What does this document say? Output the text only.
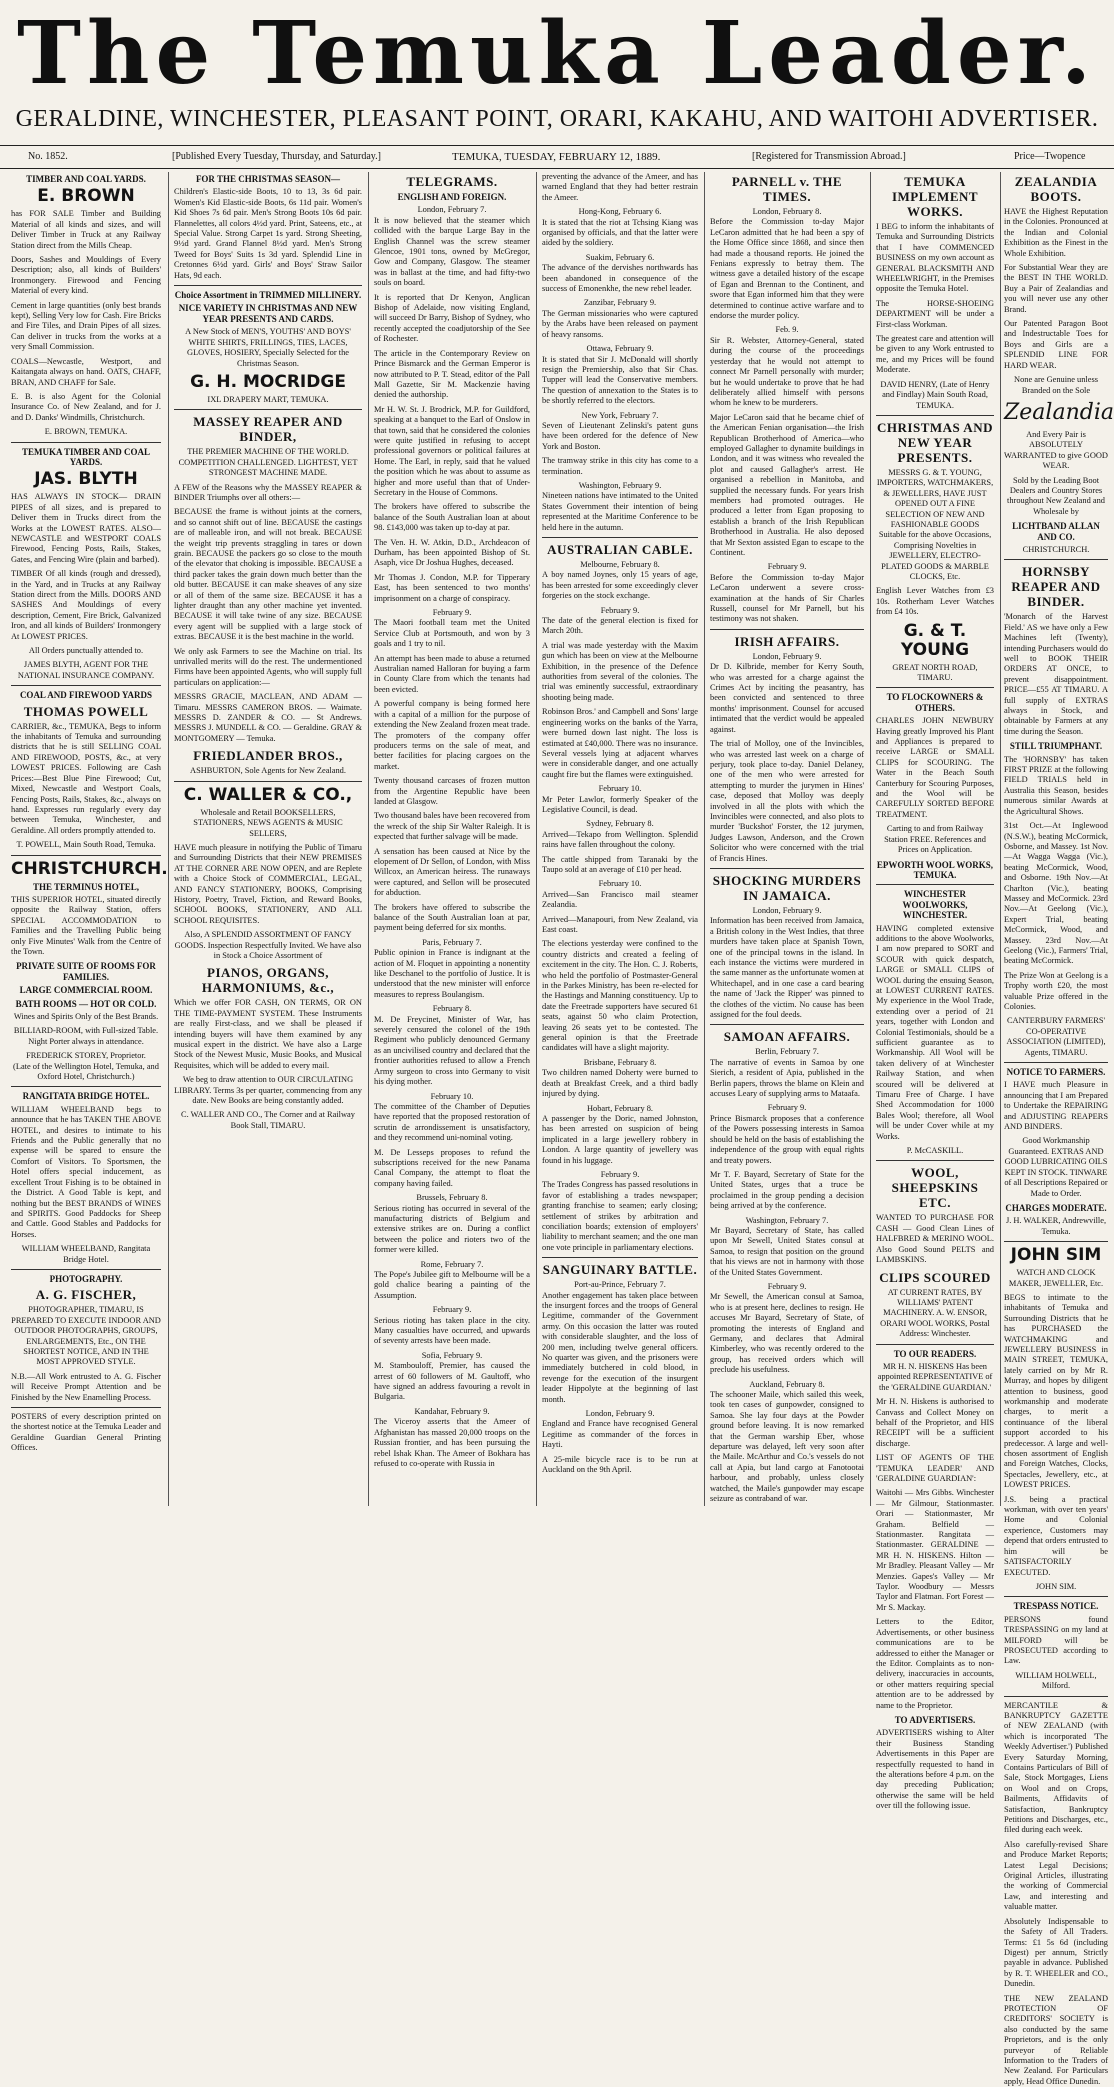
The Temuka Leader.
GERALDINE, WINCHESTER, PLEASANT POINT, ORARI, KAKAHU, AND WAITOHI ADVERTISER.
No. 1852.	[Published Every Tuesday, Thursday, and Saturday.]	TEMUKA, TUESDAY, FEBRUARY 12, 1889.	[Registered for Transmission Abroad.]	Price—Twopence
TIMBER AND COAL YARDS.
E. BROWN

has FOR SALE Timber and Building Material of all kinds and sizes, and will Deliver Timber in Truck at any Railway Station direct from the Mills Cheap.

Doors, Sashes and Mouldings of Every Description; also, all kinds of Builders' Ironmongery. Firewood and Fencing Material of every kind.

Cement in large quantities (only best brands kept), Selling Very low for Cash. Fire Bricks and Fire Tiles, and Drain Pipes of all sizes. Can deliver in trucks from the works at a very Small Commission.

COALS—Newcastle, Westport, and Kaitangata always on hand. OATS, CHAFF, BRAN, AND CHAFF for Sale.

E. B. is also Agent for the Colonial Insurance Co. of New Zealand, and for J. and D. Danks' Windmills, Christchurch.

E. BROWN, TEMUKA.
TEMUKA TIMBER AND COAL YARDS.
JAS. BLYTH

HAS ALWAYS IN STOCK— DRAIN PIPES of all sizes, and is prepared to Deliver them in Trucks direct from the Works at the LOWEST RATES. ALSO— NEWCASTLE and WESTPORT COALS Firewood, Fencing Posts, Rails, Stakes, Gates, and Fencing Wire (plain and barbed).

TIMBER Of all kinds (rough and dressed), in the Yard, and in Trucks at any Railway Station direct from the Mills. DOORS AND SASHES And Mouldings of every description, Cement, Fire Brick, Galvanized Iron, and all kinds of Builders' Ironmongery At LOWEST PRICES.

All Orders punctually attended to.

JAMES BLYTH, AGENT FOR THE NATIONAL INSURANCE COMPANY.
COAL AND FIREWOOD YARDS
THOMAS POWELL

CARRIER, &c., TEMUKA, Begs to inform the inhabitants of Temuka and surrounding districts that he is still SELLING COAL AND FIREWOOD, POSTS, &c., at very LOWEST PRICES. Following are Cash Prices:—Best Blue Pine Firewood; Cut, Mixed, Newcastle and Westport Coals, Fencing Posts, Rails, Stakes, &c., always on hand. Expresses run regularly every day between Temuka, Winchester, and Geraldine. All orders promptly attended to.

T. POWELL, Main South Road, Temuka.
CHRISTCHURCH.
THE TERMINUS HOTEL,

THIS SUPERIOR HOTEL, situated directly opposite the Railway Station, offers SPECIAL ACCOMMODATION to Families and the Travelling Public being only Five Minutes' Walk from the Centre of the Town.

PRIVATE SUITE OF ROOMS FOR FAMILIES.
LARGE COMMERCIAL ROOM.
BATH ROOMS — HOT OR COLD.

Wines and Spirits Only of the Best Brands.

BILLIARD-ROOM, with Full-sized Table. Night Porter always in attendance.

FREDERICK STOREY, Proprietor.

(Late of the Wellington Hotel, Temuka, and Oxford Hotel, Christchurch.)

RANGITATA BRIDGE HOTEL.

WILLIAM WHEELBAND begs to announce that he has TAKEN THE ABOVE HOTEL, and desires to intimate to his Friends and the Public generally that no expense will be spared to ensure the Comfort of Visitors. To Sportsmen, the Hotel offers special inducement, as excellent Trout Fishing is to be obtained in the District. A Good Table is kept, and nothing but the BEST BRANDS of WINES and SPIRITS. Good Paddocks for Sheep and Cattle. Good Stables and Paddocks for Horses.

WILLIAM WHEELBAND, Rangitata Bridge Hotel.
PHOTOGRAPHY.
A. G. FISCHER,

PHOTOGRAPHER, TIMARU, IS PREPARED TO EXECUTE INDOOR AND OUTDOOR PHOTOGRAPHS, GROUPS, ENLARGEMENTS, Etc., ON THE SHORTEST NOTICE, AND IN THE MOST APPROVED STYLE.

N.B.—All Work entrusted to A. G. Fischer will Receive Prompt Attention and be Finished by the New Enamelling Process.

POSTERS of every description printed on the shortest notice at the Temuka Leader and Geraldine Guardian General Printing Offices.

FOR THE CHRISTMAS SEASON—

Children's Elastic-side Boots, 10 to 13, 3s 6d pair. Women's Kid Elastic-side Boots, 6s 11d pair. Women's Kid Shoes 7s 6d pair. Men's Strong Boots 10s 6d pair. Flannelettes, all colors 4½d yard. Print, Sateens, etc., at Special Value. Strong Carpet 1s yard. Strong Sheeting, 9½d yard. Grand Flannel 8½d yard. Men's Strong Tweed for Boys' Suits 1s 3d yard. Splendid Line in Cretonnes 6½d yard. Girls' and Boys' Straw Sailor Hats, 9d each.

Choice Assortment in TRIMMED MILLINERY.
NICE VARIETY IN CHRISTMAS AND NEW YEAR PRESENTS AND CARDS.

A New Stock of MEN'S, YOUTHS' AND BOYS' WHITE SHIRTS, FRILLINGS, TIES, LACES, GLOVES, HOSIERY, Specially Selected for the Christmas Season.

G. H. MOCRIDGE

IXL DRAPERY MART, TEMUKA.

MASSEY REAPER AND BINDER,

THE PREMIER MACHINE OF THE WORLD. COMPETITION CHALLENGED. LIGHTEST, YET STRONGEST MACHINE MADE.

A FEW of the Reasons why the MASSEY REAPER & BINDER Triumphs over all others:—

BECAUSE the frame is without joints at the corners, and so cannot shift out of line. BECAUSE the castings are of malleable iron, and will not break. BECAUSE the weight trip prevents straggling in tares or down grain. BECAUSE the packers go so close to the mouth of the elevator that choking is impossible. BECAUSE a third packer takes the grain down much better than the old butter. BECAUSE it can make sheaves of any size or all of them of the same size. BECAUSE it has a lighter draught than any other machine yet invented. BECAUSE it will take twine of any size. BECAUSE every agent will be supplied with a large stock of extras. BECAUSE it is the best machine in the world.

We only ask Farmers to see the Machine on trial. Its unrivalled merits will do the rest. The undermentioned Firms have been appointed Agents, who will supply full particulars on application:—

MESSRS GRACIE, MACLEAN, AND ADAM — Timaru. MESSRS CAMERON BROS. — Waimate. MESSRS D. ZANDER & CO. — St Andrews. MESSRS J. MUNDELL & CO. — Geraldine. GRAY & MONTGOMERY — Temuka.

FRIEDLANDER BROS.,

ASHBURTON, Sole Agents for New Zealand.

C. WALLER & CO.,

Wholesale and Retail BOOKSELLERS, STATIONERS, NEWS AGENTS & MUSIC SELLERS,

HAVE much pleasure in notifying the Public of Timaru and Surrounding Districts that their NEW PREMISES AT THE CORNER ARE NOW OPEN, and are Replete with a Choice Stock of COMMERCIAL, LEGAL, AND FANCY STATIONERY, BOOKS, Comprising History, Poetry, Travel, Fiction, and Reward Books, SCHOOL BOOKS, STATIONERY, AND ALL SCHOOL REQUISITES.

Also, A SPLENDID ASSORTMENT OF FANCY GOODS. Inspection Respectfully Invited. We have also in Stock a Choice Assortment of

PIANOS, ORGANS, HARMONIUMS, &c.,

Which we offer FOR CASH, ON TERMS, OR ON THE TIME-PAYMENT SYSTEM. These Instruments are really First-class, and we shall be pleased if intending buyers will have them examined by any musical expert in the district. We have also a Large Stock of the Newest Music, Music Books, and Musical Requisites, which will be added to every mail.

We beg to draw attention to OUR CIRCULATING LIBRARY. Terms 3s per quarter, commencing from any date. New Books are being constantly added.

C. WALLER AND CO., The Corner and at Railway Book Stall, TIMARU.
TELEGRAMS.
ENGLISH AND FOREIGN.
London, February 7.

It is now believed that the steamer which collided with the barque Large Bay in the English Channel was the screw steamer Glencoe, 1901 tons, owned by McGregor, Gow and Company, Glasgow. The steamer was in ballast at the time, and had fifty-two souls on board.

It is reported that Dr Kenyon, Anglican Bishop of Adelaide, now visiting England, will succeed Dr Barry, Bishop of Sydney, who recently accepted the coadjutorship of the See of Rochester.

The article in the Contemporary Review on Prince Bismarck and the German Emperor is now attributed to P. T. Stead, editor of the Pall Mall Gazette, Sir M. Mackenzie having denied the authorship.

Mr H. W. St. J. Brodrick, M.P. for Guildford, speaking at a banquet to the Earl of Onslow in that town, said that he considered the colonies were quite justified in refusing to accept professional governors or political failures at Home. The Earl, in reply, said that he valued the position which he was about to assume as higher and more useful than that of Under-Secretary in the House of Commons.

The brokers have offered to subscribe the balance of the South Australian loan at about 98. £143,000 was taken up to-day at par.

The Ven. H. W. Atkin, D.D., Archdeacon of Durham, has been appointed Bishop of St. Asaph, vice Dr Joshua Hughes, deceased.

Mr Thomas J. Condon, M.P. for Tipperary East, has been sentenced to two months' imprisonment on a charge of conspiracy.

February 9.

The Maori football team met the United Service Club at Portsmouth, and won by 3 goals and 1 try to nil.

An attempt has been made to abuse a returned Australian named Halloran for buying a farm in County Clare from which the tenants had been evicted.

A powerful company is being formed here with a capital of a million for the purpose of extending the New Zealand frozen meat trade. The promoters of the company offer producers terms on the sale of meat, and better facilities for placing cargoes on the market.

Twenty thousand carcases of frozen mutton from the Argentine Republic have been landed at Glasgow.

Two thousand bales have been recovered from the wreck of the ship Sir Walter Raleigh. It is expected that further salvage will be made.

A sensation has been caused at Nice by the elopement of Dr Sellon, of London, with Miss Willcox, an American heiress. The runaways were captured, and Sellon will be prosecuted for abduction.

The brokers have offered to subscribe the balance of the South Australian loan at par, payment being deferred for six months.

Paris, February 7.

Public opinion in France is indignant at the action of M. Floquet in appointing a nonentity like Deschanel to the portfolio of Justice. It is understood that the new minister will enforce measures to repress Boulangism.

February 8.

M. De Freycinet, Minister of War, has severely censured the colonel of the 19th Regiment who publicly denounced Germany as an uncivilised country and declared that the frontier authorities refused to allow a French Army surgeon to cross into Germany to visit his dying mother.

February 10.

The committee of the Chamber of Deputies have reported that the proposed restoration of scrutin de arrondissement is unsatisfactory, and they recommend uni-nominal voting.

M. De Lesseps proposes to refund the subscriptions received for the new Panama Canal Company, the attempt to float the company having failed.

Brussels, February 8.

Serious rioting has occurred in several of the manufacturing districts of Belgium and extensive strikes are on. During a conflict between the police and rioters two of the former were killed.

Rome, February 7.

The Pope's Jubilee gift to Melbourne will be a gold chalice bearing a painting of the Assumption.

February 9.

Serious rioting has taken place in the city. Many casualties have occurred, and upwards of seventy arrests have been made.

Sofia, February 9.

M. Stambouloff, Premier, has caused the arrest of 60 followers of M. Gaultoff, who have signed an address favouring a revolt in Bulgaria.

Kandahar, February 9.

The Viceroy asserts that the Ameer of Afghanistan has massed 20,000 troops on the Russian frontier, and has been pursuing the rebel Ishak Khan. The Ameer of Bokhara has refused to co-operate with Russia in

preventing the advance of the Ameer, and has warned England that they had better restrain the Ameer.

Hong-Kong, February 6.

It is stated that the riot at Tchsing Kiang was organised by officials, and that the latter were aided by the soldiery.

Suakim, February 6.

The advance of the dervishes northwards has been abandoned in consequence of the success of Emonenkhe, the new rebel leader.

Zanzibar, February 9.

The German missionaries who were captured by the Arabs have been released on payment of heavy ransoms.

Ottawa, February 9.

It is stated that Sir J. McDonald will shortly resign the Premiership, also that Sir Chas. Tupper will lead the Conservative members. The question of annexation to the States is to be shortly referred to the electors.

New York, February 7.

Seven of Lieutenant Zelinski's patent guns have been ordered for the defence of New York and Boston.

The tramway strike in this city has come to a termination.

Washington, February 9.

Nineteen nations have intimated to the United States Government their intention of being represented at the Maritime Conference to be held here in the autumn.

AUSTRALIAN CABLE.
Melbourne, February 8.

A boy named Joynes, only 15 years of age, has been arrested for some exceedingly clever forgeries on the stock exchange.

February 9.

The date of the general election is fixed for March 20th.

A trial was made yesterday with the Maxim gun which has been on view at the Melbourne Exhibition, in the presence of the Defence authorities from several of the colonies. The trial was eminently successful, extraordinary shooting being made.

Robinson Bros.' and Campbell and Sons' large engineering works on the banks of the Yarra, were burned down last night. The loss is estimated at £40,000. There was no insurance. Several vessels lying at adjacent wharves were in considerable danger, and one actually caught fire but the flames were extinguished.

February 10.

Mr Peter Lawlor, formerly Speaker of the Legislative Council, is dead.

Sydney, February 8.

Arrived—Tekapo from Wellington. Splendid rains have fallen throughout the colony.

The cattle shipped from Taranaki by the Taupo sold at an average of £10 per head.

February 10.

Arrived—San Francisco mail steamer Zealandia.

Arrived—Manapouri, from New Zealand, via East coast.

The elections yesterday were confined to the country districts and created a feeling of excitement in the city. The Hon. C. J. Roberts, who held the portfolio of Postmaster-General in the Parkes Ministry, has been re-elected for the Hastings and Manning constituency. Up to date the Freetrade supporters have secured 61 seats, against 50 who claim Protection, leaving 26 seats yet to be contested. The general opinion is that the Freetrade candidates will have a slight majority.

Brisbane, February 8.

Two children named Doherty were burned to death at Breakfast Creek, and a third badly injured by dying.

Hobart, February 8.

A passenger by the Doric, named Johnston, has been arrested on suspicion of being implicated in a large jewellery robbery in London. A large quantity of jewellery was found in his luggage.

February 9.

The Trades Congress has passed resolutions in favor of establishing a trades newspaper; granting franchise to seamen; early closing; settlement of strikes by arbitration and conciliation boards; extension of employers' liability to merchant seamen; and the one man one vote principle in parliamentary elections.

SANGUINARY BATTLE.
Port-au-Prince, February 7.

Another engagement has taken place between the insurgent forces and the troops of General Legitime, commander of the Government army. On this occasion the latter was routed with considerable slaughter, and the loss of 200 men, including twelve general officers. No quarter was given, and the prisoners were immediately butchered in cold blood, in revenge for the execution of the insurgent leader Hippolyte at the beginning of last month.

London, February 9.

England and France have recognised General Legitime as commander of the forces in Hayti.

A 25-mile bicycle race is to be run at Auckland on the 9th April.

PARNELL v. THE TIMES.
London, February 8.

Before the Commission to-day Major LeCaron admitted that he had been a spy of the Home Office since 1868, and since then had made a thousand reports. He joined the Fenians expressly to betray them. The witness gave a detailed history of the escape of Egan and Brennan to the Continent, and swore that Egan informed him that they were determined to continue active warfare and to endorse the murder policy.

Feb. 9.

Sir R. Webster, Attorney-General, stated during the course of the proceedings yesterday that he would not attempt to connect Mr Parnell personally with murder; but he would undertake to prove that he had deliberately allied himself with persons whom he knew to be murderers.

Major LeCaron said that he became chief of the American Fenian organisation—the Irish Republican Brotherhood of America—who employed Gallagher to dynamite buildings in London, and it was witness who revealed the plot and caused Gallagher's arrest. He organised a rebellion in Manitoba, and supplied the necessary funds. For years Irish members had promoted outrages. He produced a letter from Egan proposing to establish a branch of the Irish Republican Brotherhood in Australia. He also deposed that Mr Sexton assisted Egan to escape to the Continent.

February 9.

Before the Commission to-day Major LeCaron underwent a severe cross-examination at the hands of Sir Charles Russell, counsel for Mr Parnell, but his testimony was not shaken.

IRISH AFFAIRS.
London, February 9.

Dr D. Kilbride, member for Kerry South, who was arrested for a charge against the Crimes Act by inciting the peasantry, has been convicted and sentenced to three months' imprisonment. Counsel for accused intimated that the verdict would be appealed against.

The trial of Molloy, one of the Invincibles, who was arrested last week on a charge of perjury, took place to-day. Daniel Delaney, one of the men who were arrested for attempting to murder the jurymen in Hines' case, deposed that Molloy was deeply involved in all the plots with which the Invincibles were connected, and also plots to murder 'Buckshot' Forster, the 12 jurymen, Judges Lawson, Anderson, and the Crown Solicitor who were concerned with the trial of Francis Hines.

SHOCKING MURDERS IN JAMAICA.
London, February 9.

Information has been received from Jamaica, a British colony in the West Indies, that three murders have taken place at Spanish Town, one of the principal towns in the island. In each instance the victims were murdered in the same manner as the unfortunate women at Whitechapel, and in one case a card bearing the name of 'Jack the Ripper' was pinned to the clothes of the victim. No cause has been assigned for the foul deeds.

SAMOAN AFFAIRS.
Berlin, February 7.

The narrative of events in Samoa by one Sierich, a resident of Apia, published in the Berlin papers, throws the blame on Klein and accuses Leary of supplying arms to Mataafa.

February 9.

Prince Bismarck proposes that a conference of the Powers possessing interests in Samoa should be held on the basis of establishing the independence of the group with equal rights and treaty powers.

Mr T. F. Bayard, Secretary of State for the United States, urges that a truce be proclaimed in the group pending a decision being arrived at by the conference.

Washington, February 7.

Mr Bayard, Secretary of State, has called upon Mr Sewell, United States consul at Samoa, to resign that position on the ground that his views are not in harmony with those of the United States Government.

February 9.

Mr Sewell, the American consul at Samoa, who is at present here, declines to resign. He accuses Mr Bayard, Secretary of State, of promoting the interests of England and Germany, and declares that Admiral Kimberley, who was recently ordered to the group, has received orders which will preclude his usefulness.

Auckland, February 8.

The schooner Maile, which sailed this week, took ten cases of gunpowder, consigned to Samoa. She lay four days at the Powder ground before leaving. It is now remarked that the German warship Eber, whose departure was delayed, left very soon after the Maile. McArthur and Co.'s vessels do not call at Apia, but land cargo at Fanotootai harbour, and probably, unless closely watched, the Maile's gunpowder may escape seizure as contraband of war.

TEMUKA IMPLEMENT WORKS.

I BEG to inform the inhabitants of Temuka and Surrounding Districts that I have COMMENCED BUSINESS on my own account as GENERAL BLACKSMITH AND WHEELWRIGHT, in the Premises opposite the Temuka Hotel.

The HORSE-SHOEING DEPARTMENT will be under a First-class Workman.

The greatest care and attention will be given to any Work entrusted to me, and my Prices will be found Moderate.

DAVID HENRY, (Late of Henry and Findlay) Main South Road, TEMUKA.
CHRISTMAS AND NEW YEAR PRESENTS.

MESSRS G. & T. YOUNG, IMPORTERS, WATCHMAKERS, & JEWELLERS, HAVE JUST OPENED OUT A FINE SELECTION OF NEW AND FASHIONABLE GOODS Suitable for the above Occasions, Comprising Novelties in JEWELLERY, ELECTRO-PLATED GOODS & MARBLE CLOCKS, Etc.

English Lever Watches from £3 10s. Rotherham Lever Watches from £4 10s.

G. & T. YOUNG

GREAT NORTH ROAD, TIMARU.

TO FLOCKOWNERS & OTHERS.

CHARLES JOHN NEWBURY Having greatly Improved his Plant and Appliances is prepared to receive LARGE or SMALL CLIPS for SCOURING. The Water in the Beach South Canterbury for Scouring Purposes, and the Wool will be CAREFULLY SORTED BEFORE TREATMENT.

Carting to and from Railway Station FREE. References and Prices on Application.

EPWORTH WOOL WORKS, TEMUKA.
WINCHESTER WOOLWORKS, WINCHESTER.

HAVING completed extensive additions to the above Woolworks, I am now prepared to SORT and SCOUR with quick despatch, LARGE or SMALL CLIPS of WOOL during the ensuing Season, at LOWEST CURRENT RATES. My experience in the Wool Trade, extending over a period of 21 years, together with London and Colonial Testimonials, should be a sufficient guarantee as to Workmanship. All Wool will be taken delivery of at Winchester Railway Station, and when scoured will be delivered at Timaru Free of Charge. I have Shed Accommodation for 1000 Bales Wool; therefore, all Wool will be under Cover while at my Works.

P. McCASKILL.
WOOL, SHEEPSKINS ETC.

WANTED TO PURCHASE FOR CASH — Good Clean Lines of HALFBRED & MERINO WOOL. Also Good Sound PELTS and LAMBSKINS.

CLIPS SCOURED

AT CURRENT RATES, BY WILLIAMS' PATENT MACHINERY. A. W. ENSOR, ORARI WOOL WORKS, Postal Address: Winchester.

TO OUR READERS.

MR H. N. HISKENS Has been appointed REPRESENTATIVE of the 'GERALDINE GUARDIAN.'

Mr H. N. Hiskens is authorised to Canvass and Collect Money on behalf of the Proprietor, and HIS RECEIPT will be a sufficient discharge.

LIST OF AGENTS OF THE 'TEMUKA LEADER' AND 'GERALDINE GUARDIAN':

Waitohi — Mrs Gibbs. Winchester — Mr Gilmour, Stationmaster. Orari — Stationmaster, Mr Graham. Belfield — Stationmaster. Rangitata — Stationmaster. GERALDINE — MR H. N. HISKENS. Hilton — Mr Bradley. Pleasant Valley — Mr Menzies. Gapes's Valley — Mr Taylor. Woodbury — Messrs Taylor and Flatman. Fort Forest — Mr S. Mackay.

Letters to the Editor, Advertisements, or other business communications are to be addressed to either the Manager or the Editor. Complaints as to non-delivery, inaccuracies in accounts, or other matters requiring special attention are to be addressed by name to the Proprietor.

TO ADVERTISERS.

ADVERTISERS wishing to Alter their Business Standing Advertisements in this Paper are respectfully requested to hand in the alterations before 4 p.m. on the day preceding Publication; otherwise the same will be held over till the following issue.

ZEALANDIA BOOTS.

HAVE the Highest Reputation in the Colonies. Pronounced at the Indian and Colonial Exhibition as the Finest in the Whole Exhibition.

For Substantial Wear they are the BEST IN THE WORLD. Buy a Pair of Zealandias and you will never use any other Brand.

Our Patented Paragon Boot and Indestructable Toes for Boys and Girls are a SPLENDID LINE FOR HARD WEAR.

None are Genuine unless Branded on the Sole

Zealandia

And Every Pair is ABSOLUTELY WARRANTED to give GOOD WEAR.

Sold by the Leading Boot Dealers and Country Stores throughout New Zealand and Wholesale by

LICHTBAND ALLAN AND CO.

CHRISTCHURCH.

HORNSBY REAPER AND BINDER.

'Monarch of the Harvest Field.' AS we have only a Few Machines left (Twenty), intending Purchasers would do well to BOOK THEIR ORDERS AT ONCE, to prevent disappointment. PRICE—£55 AT TIMARU. A full supply of EXTRAS always in Stock, and obtainable by Farmers at any time during the Season.

STILL TRIUMPHANT.

The 'HORNSBY' has taken FIRST PRIZE at the following FIELD TRIALS held in Australia this Season, besides numerous similar Awards at the Agricultural Shows.

31st Oct.—At Inglewood (N.S.W.), beating McCormick, Osborne, and Massey. 1st Nov.—At Wagga Wagga (Vic.), beating McCormick, Wood, and Osborne. 19th Nov.—At Charlton (Vic.), beating Massey and McCormick. 23rd Nov.—At Geelong (Vic.), Expert Trial, beating McCormick, Wood, and Massey. 23rd Nov.—At Geelong (Vic.), Farmers' Trial, beating McCormick.

The Prize Won at Geelong is a Trophy worth £20, the most valuable Prize offered in the Colonies.

CANTERBURY FARMERS' CO-OPERATIVE ASSOCIATION (LIMITED), Agents, TIMARU.

NOTICE TO FARMERS.

I HAVE much Pleasure in announcing that I am Prepared to Undertake the REPAIRING and ADJUSTING REAPERS AND BINDERS.

Good Workmanship Guaranteed. EXTRAS AND GOOD LUBRICATING OILS KEPT IN STOCK. TINWARE of all Descriptions Repaired or Made to Order.

CHARGES MODERATE.
J. H. WALKER, Andrewville, Temuka.
JOHN SIM

WATCH AND CLOCK MAKER, JEWELLER, Etc.

BEGS to intimate to the inhabitants of Temuka and Surrounding Districts that he has PURCHASED the WATCHMAKING and JEWELLERY BUSINESS in MAIN STREET, TEMUKA, lately carried on by Mr R. Murray, and hopes by diligent attention to business, good workmanship and moderate charges, to merit a continuance of the liberal support accorded to his predecessor. A large and well-chosen assortment of English and Foreign Watches, Clocks, Spectacles, Jewellery, etc., at LOWEST PRICES.

J.S. being a practical workman, with over ten years' Home and Colonial experience, Customers may depend that orders entrusted to him will be SATISFACTORILY EXECUTED.

JOHN SIM.
TRESPASS NOTICE.

PERSONS found TRESPASSING on my land at MILFORD will be PROSECUTED according to Law.

WILLIAM HOLWELL, Milford.

MERCANTILE & BANKRUPTCY GAZETTE of NEW ZEALAND (with which is incorporated 'The Weekly Advertiser.') Published Every Saturday Morning, Contains Particulars of Bill of Sale, Stock Mortgages, Liens on Wool and on Crops, Bailments, Affidavits of Satisfaction, Bankruptcy Petitions and Discharges, etc., filed during each week.

Also carefully-revised Share and Produce Market Reports; Latest Legal Decisions; Original Articles, illustrating the working of Commercial Law, and interesting and valuable matter.

Absolutely Indispensable to the Safety of All Traders. Terms: £1 5s 6d (including Digest) per annum, Strictly payable in advance. Published by R. T. WHEELER and CO., Dunedin.

THE NEW ZEALAND PROTECTION OF CREDITORS' SOCIETY is also conducted by the same Proprietors, and is the only purveyor of Reliable Information to the Traders of New Zealand. For Particulars apply, Head Office Dunedin.
